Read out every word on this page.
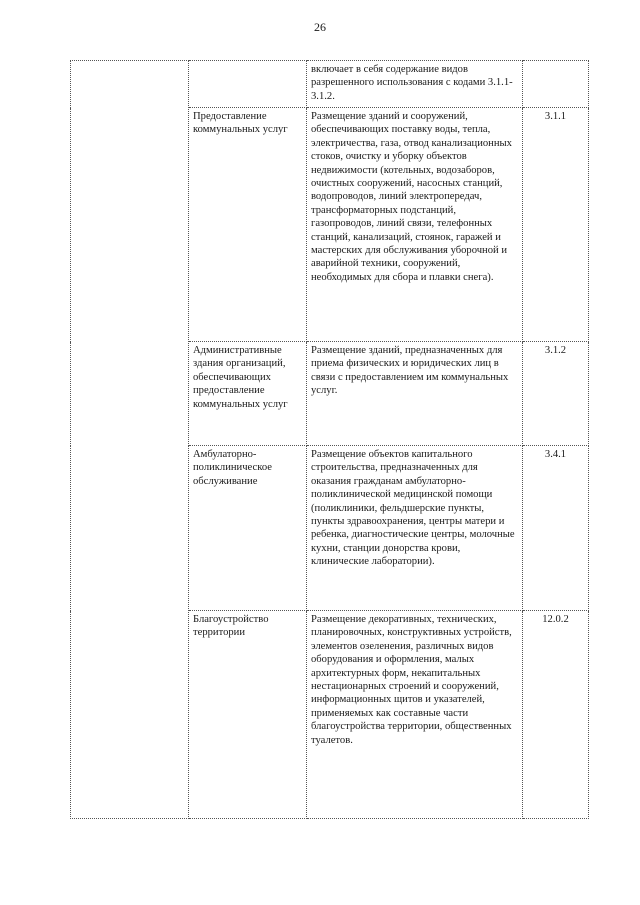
26

		включает в себя содержание видов разрешенного использования с кодами 3.1.1-3.1.2.	

	Предоставление коммунальных услуг	Размещение зданий и сооружений, обеспечивающих поставку воды, тепла, электричества, газа, отвод канализационных стоков, очистку и уборку объектов недвижимости (котельных, водозаборов, очистных сооружений, насосных станций, водопроводов, линий электропередач, трансформаторных подстанций, газопроводов, линий связи, телефонных станций, канализаций, стоянок, гаражей и мастерских для обслуживания уборочной и аварийной техники, сооружений, необходимых для сбора и плавки снега).	3.1.1

	Административные здания организаций, обеспечивающих предоставление коммунальных услуг	Размещение зданий, предназначенных для приема физических и юридических лиц в связи с предоставлением им коммунальных услуг.	3.1.2

	Амбулаторно-поликлиническое обслуживание	Размещение объектов капитального строительства, предназначенных для оказания гражданам амбулаторно-поликлинической медицинской помощи (поликлиники, фельдшерские пункты, пункты здравоохранения, центры матери и ребенка, диагностические центры, молочные кухни, станции донорства крови, клинические лаборатории).	3.4.1

	Благоустройство территории	Размещение декоративных, технических, планировочных, конструктивных устройств, элементов озеленения, различных видов оборудования и оформления, малых архитектурных форм, некапитальных нестационарных строений и сооружений, информационных щитов и указателей, применяемых как составные части благоустройства территории, общественных туалетов.	12.0.2
